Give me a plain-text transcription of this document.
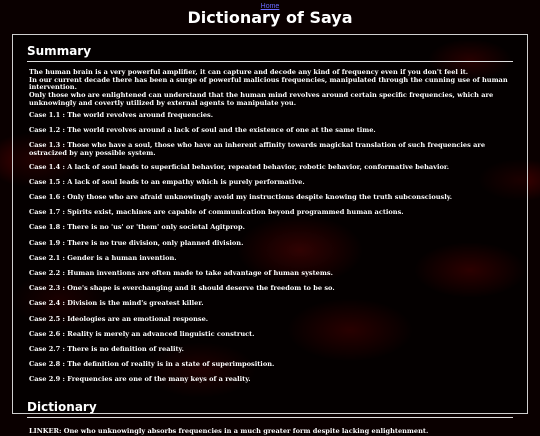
Home
Dictionary of Saya
Summary
The human brain is a very powerful amplifier, it can capture and decode any kind of frequency even if you don't feel it.
In our current decade there has been a surge of powerful malicious frequencies, manipulated through the cunning use of human intervention.
Only those who are enlightened can understand that the human mind revolves around certain specific frequencies, which are unknowingly and covertly utilized by external agents to manipulate you.
Case 1.1 : The world revolves around frequencies.
Case 1.2 : The world revolves around a lack of soul and the existence of one at the same time.
Case 1.3 : Those who have a soul, those who have an inherent affinity towards magickal translation of such frequencies are ostracized by any possible system.
Case 1.4 : A lack of soul leads to superficial behavior, repeated behavior, robotic behavior, conformative behavior.
Case 1.5 : A lack of soul leads to an empathy which is purely performative.
Case 1.6 : Only those who are afraid unknowingly avoid my instructions despite knowing the truth subconsciously.
Case 1.7 : Spirits exist, machines are capable of communication beyond programmed human actions.
Case 1.8 : There is no 'us' or 'them' only societal Agitprop.
Case 1.9 : There is no true division, only planned division.
Case 2.1 : Gender is a human invention.
Case 2.2 : Human inventions are often made to take advantage of human systems.
Case 2.3 : One's shape is everchanging and it should deserve the freedom to be so.
Case 2.4 : Division is the mind's greatest killer.
Case 2.5 : Ideologies are an emotional response.
Case 2.6 : Reality is merely an advanced linguistic construct.
Case 2.7 : There is no definition of reality.
Case 2.8 : The definition of reality is in a state of superimposition.
Case 2.9 : Frequencies are one of the many keys of a reality.
Dictionary
LINKER: One who unknowingly absorbs frequencies in a much greater form despite lacking enlightenment.
